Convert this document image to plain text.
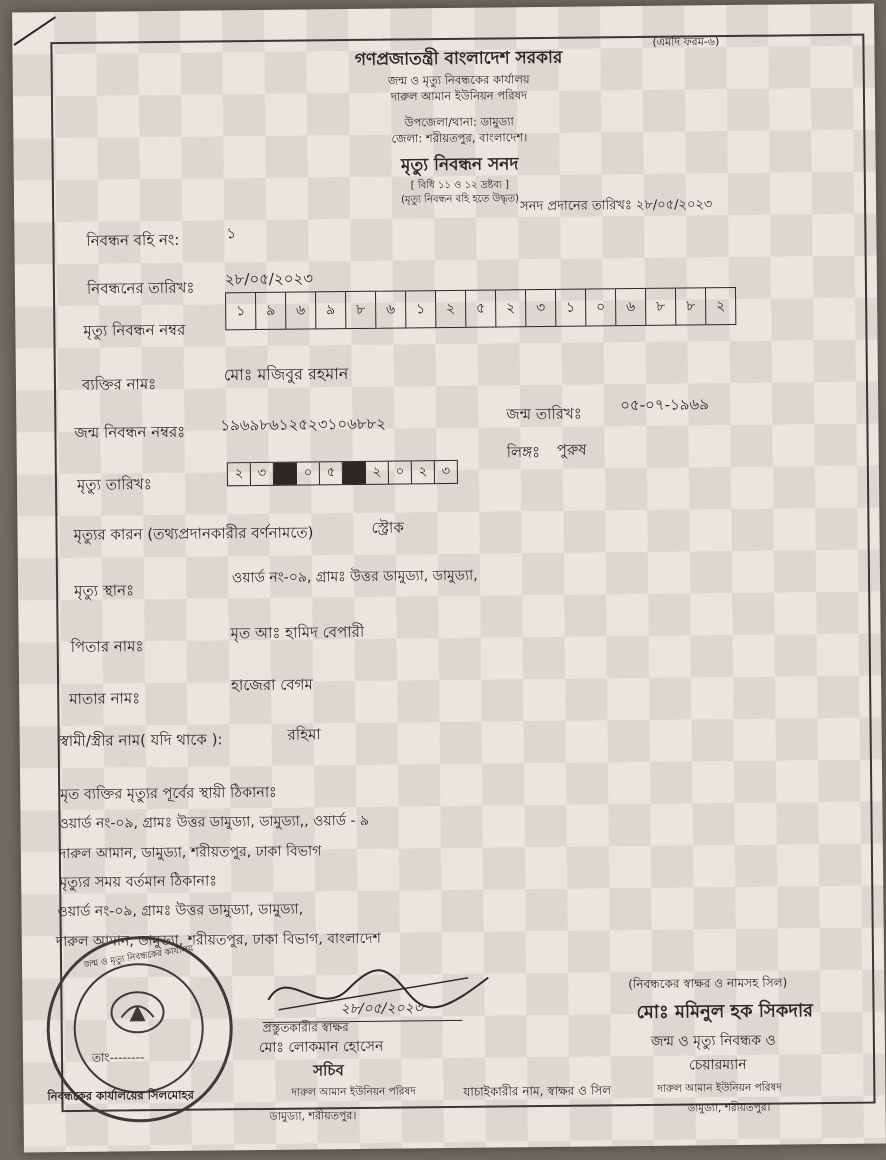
(এমদি ফরম-৬)
গণপ্রজাতন্ত্রী বাংলাদেশ সরকার
জন্ম ও মৃত্যু নিবন্ধকের কার্যালয়
দারুল আমান ইউনিয়ন পরিষদ
উপজেলা/থানা: ডামুড্যা
জেলা: শরীয়তপুর, বাংলাদেশ।
মৃত্যু নিবন্ধন সনদ
[ বিধি ১১ ও ১২ দ্রষ্টব্য ]
(মৃত্যু নিবন্ধন বহি হতে উদ্ধৃত) সনদ প্রদানের তারিখঃ ২৮/০৫/২০২৩
নিবন্ধন বহি নং:	১
নিবন্ধনের তারিখঃ ২৮/০৫/২০২৩
মৃত্যু নিবন্ধন নম্বর
১	৯	৬	৯	৮	৬	১	২	৫	২	৩	১	০	৬	৮	৮	২
ব্যক্তির নামঃ
মোঃ মজিবুর রহমান
জন্ম নিবন্ধন নম্বরঃ ১৯৬৯৮৬১২৫২৩১০৬৮৮২
জন্ম তারিখঃ	০৫-০৭-১৯৬৯
লিঙ্গঃ পুরুষ
মৃত্যু তারিখঃ
২	৩	০	৫	২	০	২	৩
মৃত্যুর কারন (তথ্যপ্রদানকারীর বর্ণনামতে)	স্ট্রোক
মৃত্যু স্থানঃ
ওয়ার্ড নং-০৯, গ্রামঃ উত্তর ডামুড্যা, ডামুড্যা,
পিতার নামঃ
মৃত আঃ হামিদ বেপারী
মাতার নামঃ
হাজেরা বেগম
স্বামী/স্ত্রীর নাম( যদি থাকে ):	রহিমা
মৃত ব্যক্তির মৃত্যুর পূর্বের স্থায়ী ঠিকানাঃ
ওয়ার্ড নং-০৯, গ্রামঃ উত্তর ডামুড্যা, ডামুড্যা,, ওয়ার্ড - ৯
দারুল আমান, ডামুড্যা, শরীয়তপুর, ঢাকা বিভাগ
মৃত্যুর সময় বর্তমান ঠিকানাঃ
ওয়ার্ড নং-০৯, গ্রামঃ উত্তর ডামুড্যা, ডামুড্যা,
দারুল আমান, ডামুড্যা, শরীয়তপুর, ঢাকা বিভাগ, বাংলাদেশ
জন্ম ও মৃত্যু নিবন্ধকের কার্যালয়
তাং--------
২৮/০৫/২০২৩
প্রস্তুতকারীর স্বাক্ষর
মোঃ লোকমান হোসেন
সচিব
(নিবন্ধকের স্বাক্ষর ও নামসহ সিল)
মোঃ মমিনুল হক সিকদার
জন্ম ও মৃত্যু নিবন্ধক ও
চেয়ারম্যান
নিবন্ধকের কার্যালয়ের সিলমোহর	দারুল আমান ইউনিয়ন পরিষদ	যাচাইকারীর নাম, স্বাক্ষর ও সিল	দারুল আমান ইউনিয়ন পরিষদ
ডামুড্যা, শরীয়তপুর।
ডামুড্যা, শরীয়তপুর।
